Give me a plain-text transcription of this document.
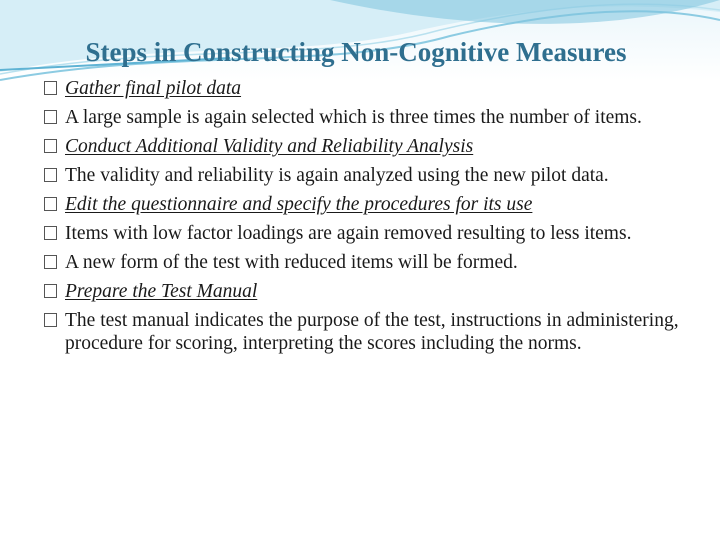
Steps in Constructing Non-Cognitive Measures
Gather final pilot data
A large sample is again selected which is three times the number of items.
Conduct Additional Validity and Reliability Analysis
The validity and reliability is again analyzed using the new pilot data.
Edit the questionnaire and specify the procedures for its use
Items with low factor loadings are again removed resulting to less items.
A new form of the test with reduced items will be formed.
Prepare the Test Manual
The test manual indicates the purpose of the test, instructions in administering, procedure for scoring, interpreting the scores including the norms.
